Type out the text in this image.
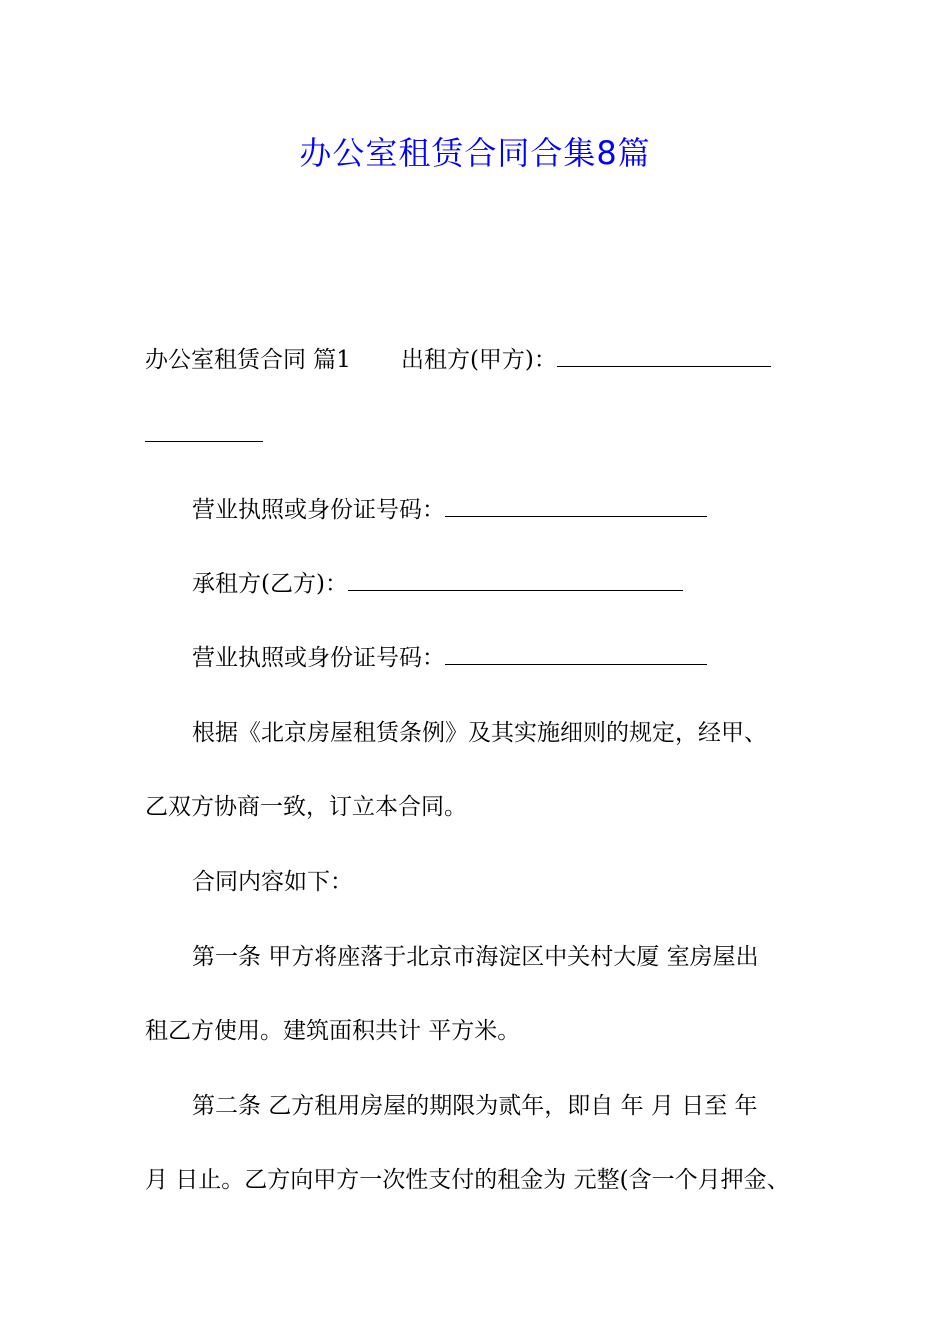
办公室租赁合同合集8篇
办公室租赁合同 篇1 出租方(甲方)：
营业执照或身份证号码：
承租方(乙方)：
营业执照或身份证号码：
根据《北京房屋租赁条例》及其实施细则的规定，经甲、
乙双方协商一致，订立本合同。
合同内容如下：
第一条 甲方将座落于北京市海淀区中关村大厦 室房屋出
租乙方使用。建筑面积共计 平方米。
第二条 乙方租用房屋的期限为贰年，即自 年 月 日至 年
月 日止。乙方向甲方一次性支付的租金为 元整(含一个月押金、
